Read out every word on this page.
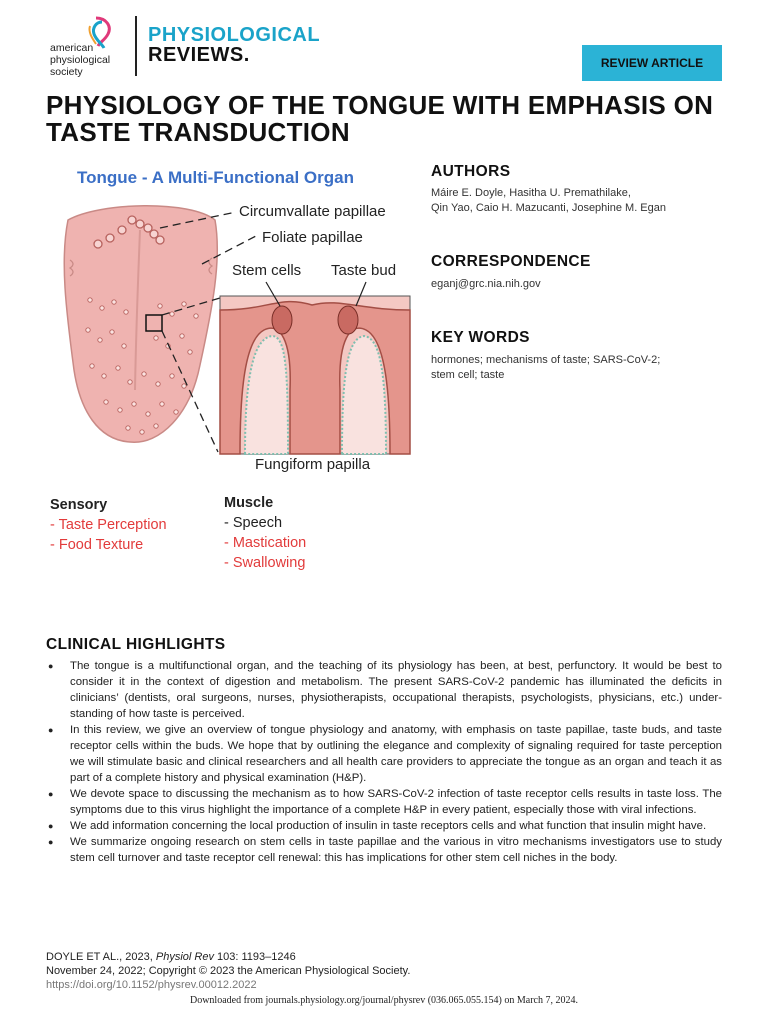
american
physiological
society
PHYSIOLOGICAL
REVIEWS.	REVIEW ARTICLE
PHYSIOLOGY OF THE TONGUE WITH EMPHASIS ON TASTE TRANSDUCTION
Tongue - A Multi-Functional Organ
Circumvallate papillae
Foliate papillae
Stem cells Taste bud
Fungiform papilla
Sensory
- Taste Perception
- Food Texture
Muscle
- Speech
- Mastication
- Swallowing
AUTHORS
Máire E. Doyle, Hasitha U. Premathilake,
Qin Yao, Caio H. Mazucanti, Josephine M. Egan
CORRESPONDENCE
eganj@grc.nia.nih.gov
KEY WORDS
hormones; mechanisms of taste; SARS-CoV-2;
stem cell; taste
CLINICAL HIGHLIGHTS
● The tongue is a multifunctional organ, and the teaching of its physiology has been, at best, perfunctory. It would be best to consider it in the context of digestion and metabolism. The present SARS-CoV-2 pandemic has illuminated the deficits in clinicians’ (dentists, oral surgeons, nurses, physiotherapists, occupational therapists, psychologists, physicians, etc.) under-standing of how taste is perceived.
● In this review, we give an overview of tongue physiology and anatomy, with emphasis on taste papillae, taste buds, and taste receptor cells within the buds. We hope that by outlining the elegance and complexity of signaling required for taste perception we will stimulate basic and clinical researchers and all health care providers to appreciate the tongue as an organ and teach it as part of a complete history and physical examination (H&P).
● We devote space to discussing the mechanism as to how SARS-CoV-2 infection of taste receptor cells results in taste loss. The symptoms due to this virus highlight the importance of a complete H&P in every patient, especially those with viral infections.
● We add information concerning the local production of insulin in taste receptors cells and what function that insulin might have.
● We summarize ongoing research on stem cells in taste papillae and the various in vitro mechanisms investigators use to study stem cell turnover and taste receptor cell renewal: this has implications for other stem cell niches in the body.
DOYLE ET AL., 2023, Physiol Rev 103: 1193–1246
November 24, 2022; Copyright © 2023 the American Physiological Society.
https://doi.org/10.1152/physrev.00012.2022
Downloaded from journals.physiology.org/journal/physrev (036.065.055.154) on March 7, 2024.
